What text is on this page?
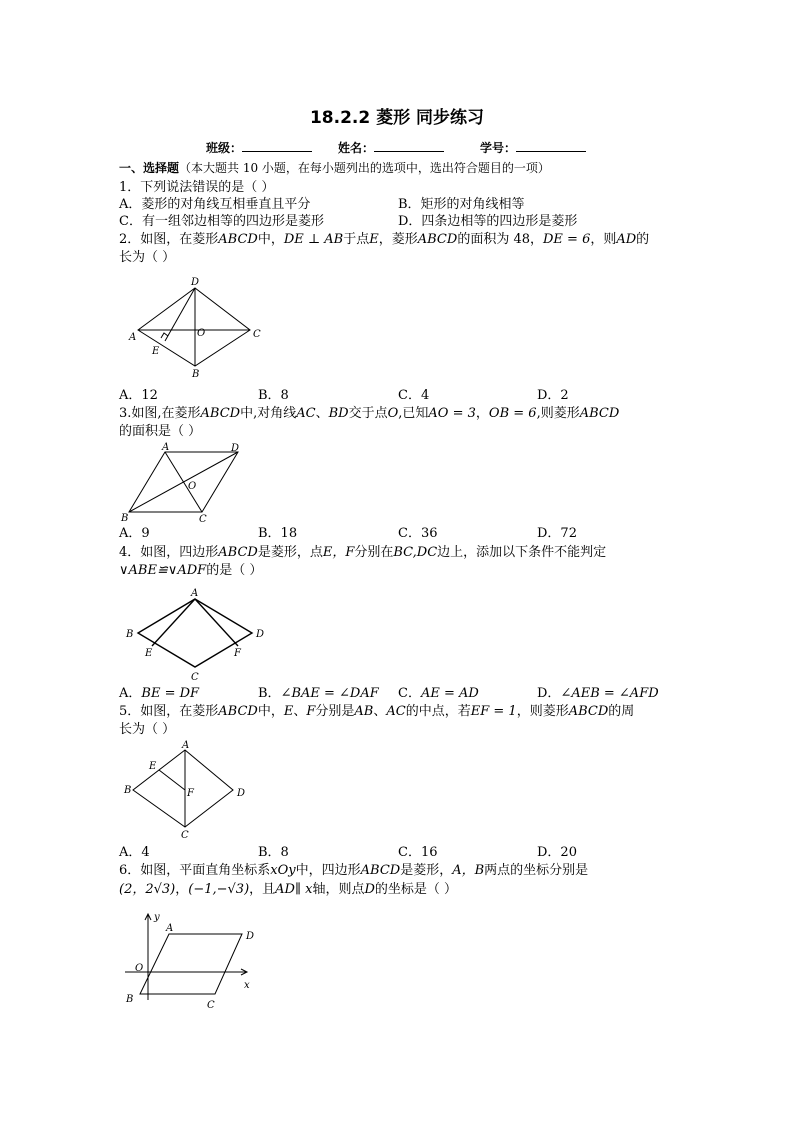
18.2.2 菱形 同步练习
班级：	姓名：	学号：
一、选择题（本大题共 10 小题，在每小题列出的选项中，选出符合题目的一项）
1．下列说法错误的是（ ）
A．菱形的对角线互相垂直且平分	B．矩形的对角线相等
C．有一组邻边相等的四边形是菱形	D．四条边相等的四边形是菱形
2．如图，在菱形ABCD中，DE ⊥ AB于点E，菱形ABCD的面积为 48，DE = 6，则AD的
长为（ ）
D
A	C
B
E
O
A．12	B．8	C．4	D．2
3.如图,在菱形ABCD中,对角线AC、BD交于点O,已知AO = 3，OB = 6,则菱形ABCD
的面积是（ ）
A	D
B	C
O
A．9	B．18	C．36	D．72
4．如图，四边形ABCD是菱形，点E，F分别在BC,DC边上，添加以下条件不能判定
∨ABE≌∨ADF的是（ ）
A
B	D
E	F
C
A．BE = DF	B．∠BAE = ∠DAF C．AE = AD	D．∠AEB = ∠AFD
5．如图，在菱形ABCD中，E、F分别是AB、AC的中点，若EF = 1，则菱形ABCD的周
长为（ ）
A
E
B	F	D
C
A．4	B．8	C．16	D．20
6．如图，平面直角坐标系xOy中，四边形ABCD是菱形，A，B两点的坐标分别是
(2，2√3)，(−1,−√3)，且AD∥ x轴，则点D的坐标是（ ）
y
A
D
O
x
B
C
